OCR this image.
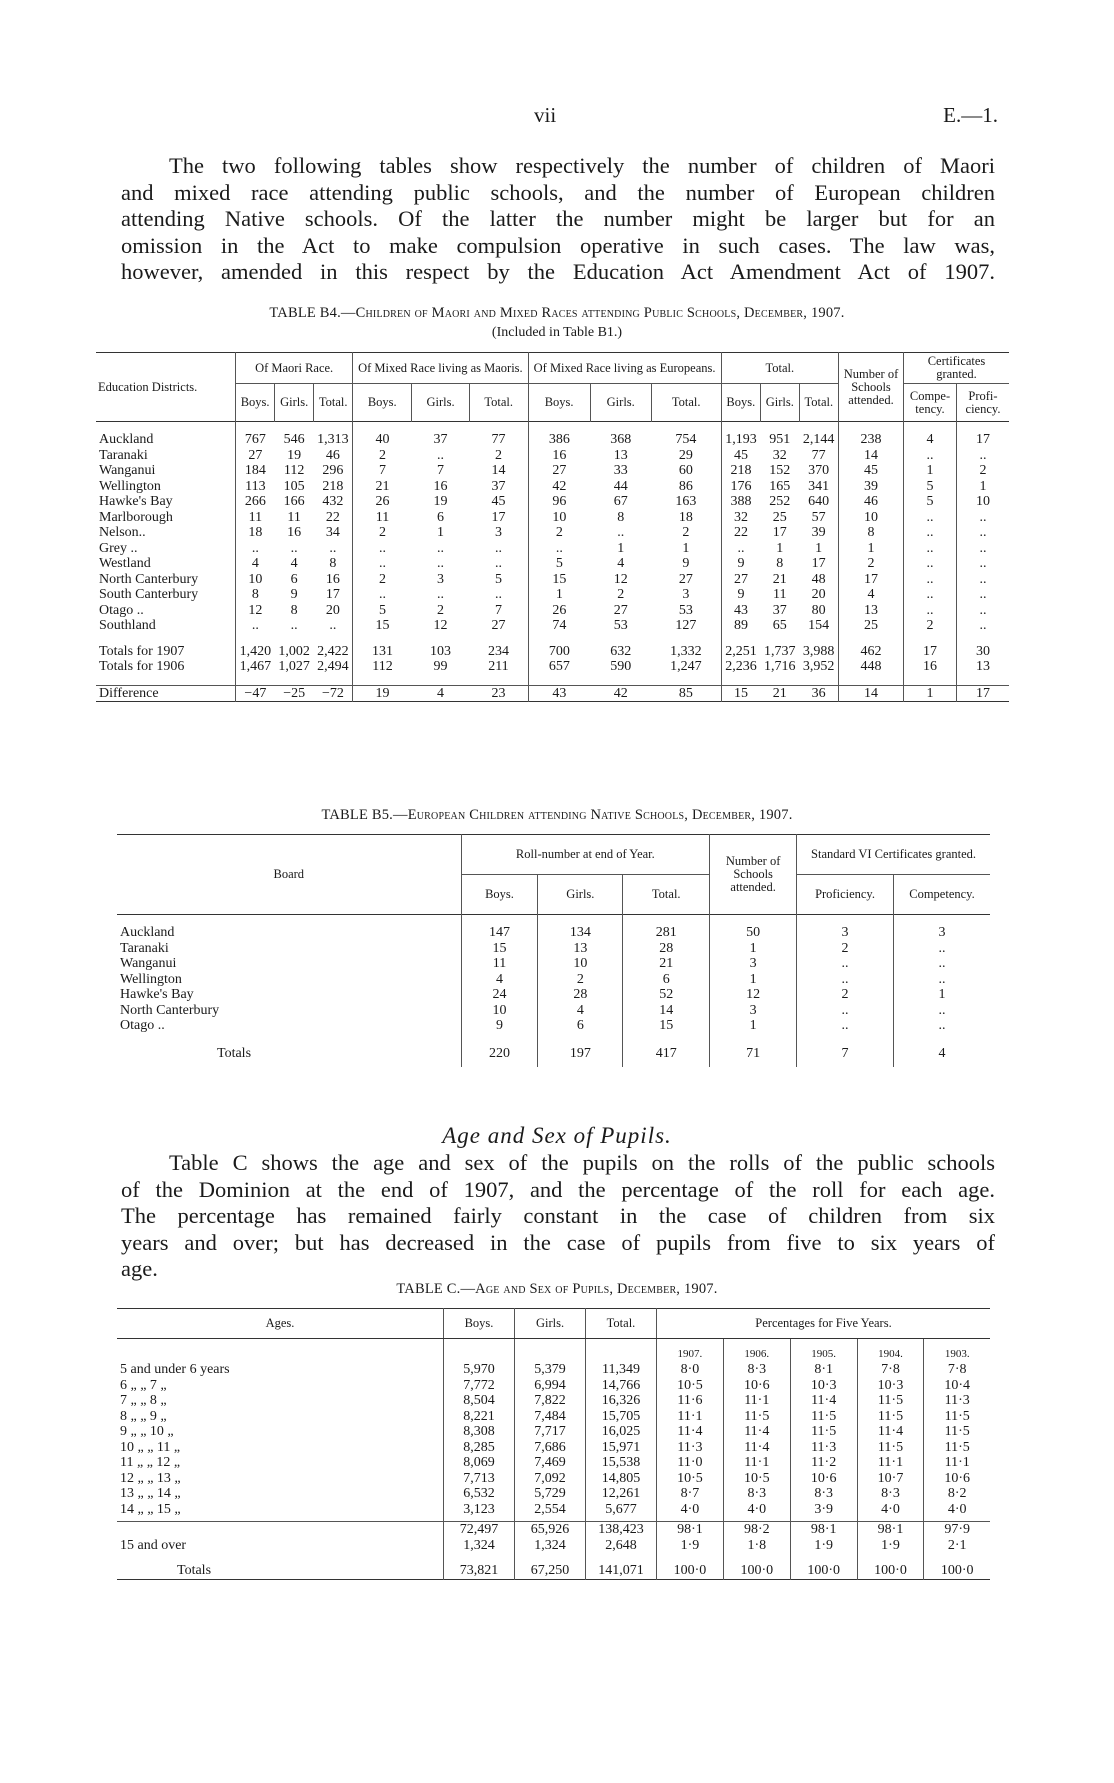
vii	E.—1.

The two following tables show respectively the number of children of Maori
and mixed race attending public schools, and the number of European children
attending Native schools. Of the latter the number might be larger but for an
omission in the Act to make compulsion operative in such cases. The law was,
however, amended in this respect by the Education Act Amendment Act of 1907.

TABLE B4.—Children of Maori and Mixed Races attending Public Schools, December, 1907.
(Included in Table B1.)
Education Districts.	Of Maori Race.			Of Mixed Race living as Maoris.			Of Mixed Race living as Europeans.			Total.			Number of Schools attended.	Certificates granted.	
	Boys.	Girls.	Total.	Boys.	Girls.	Total.	Boys.	Girls.	Total.	Boys.	Girls.	Total.		Compe-tency.	Profi-ciency.

Auckland	767	546	1,313	40	37	77	386	368	754	1,193	951	2,144	238	4	17
Taranaki	27	19	46	2	..	2	16	13	29	45	32	77	14	..	..
Wanganui	184	112	296	7	7	14	27	33	60	218	152	370	45	1	2
Wellington	113	105	218	21	16	37	42	44	86	176	165	341	39	5	1
Hawke's Bay	266	166	432	26	19	45	96	67	163	388	252	640	46	5	10
Marlborough	11	11	22	11	6	17	10	8	18	32	25	57	10	..	..
Nelson..	18	16	34	2	1	3	2	..	2	22	17	39	8	..	..
Grey ..	..	..	..	..	..	..	..	1	1	..	1	1	1	..	..
Westland	4	4	8	..	..	..	5	4	9	9	8	17	2	..	..
North Canterbury	10	6	16	2	3	5	15	12	27	27	21	48	17	..	..
South Canterbury	8	9	17	..	..	..	1	2	3	9	11	20	4	..	..
Otago ..	12	8	20	5	2	7	26	27	53	43	37	80	13	..	..
Southland	..	..	..	15	12	27	74	53	127	89	65	154	25	2	..

Totals for 1907	1,420	1,002	2,422	131	103	234	700	632	1,332	2,251	1,737	3,988	462	17	30
Totals for 1906	1,467	1,027	2,494	112	99	211	657	590	1,247	2,236	1,716	3,952	448	16	13

Difference	−47	−25	−72	19	4	23	43	42	85	15	21	36	14	1	17
TABLE B5.—European Children attending Native Schools, December, 1907.
Board	Roll-number at end of Year.			Number of Schools attended.	Standard VI Certificates granted.	
	Boys.	Girls.	Total.		Proficiency.	Competency.

Auckland	147	134	281	50	3	3
Taranaki	15	13	28	1	2	..
Wanganui	11	10	21	3	..	..
Wellington	4	2	6	1	..	..
Hawke's Bay	24	28	52	12	2	1
North Canterbury	10	4	14	3	..	..
Otago ..	9	6	15	1	..	..

Totals	220	197	417	71	7	4

Age and Sex of Pupils.

Table C shows the age and sex of the pupils on the rolls of the public schools
of the Dominion at the end of 1907, and the percentage of the roll for each age.
The percentage has remained fairly constant in the case of children from six
years and over; but has decreased in the case of pupils from five to six years of
age.

TABLE C.—Age and Sex of Pupils, December, 1907.
Ages.	Boys.	Girls.	Total.	Percentages for Five Years.				

				1907.	1906.	1905.	1904.	1903.
5 and under 6 years	5,970	5,379	11,349	8·0	8·3	8·1	7·8	7·8
6 „ „ 7 „	7,772	6,994	14,766	10·5	10·6	10·3	10·3	10·4
7 „ „ 8 „	8,504	7,822	16,326	11·6	11·1	11·4	11·5	11·3
8 „ „ 9 „	8,221	7,484	15,705	11·1	11·5	11·5	11·5	11·5
9 „ „ 10 „	8,308	7,717	16,025	11·4	11·4	11·5	11·4	11·5
10 „ „ 11 „	8,285	7,686	15,971	11·3	11·4	11·3	11·5	11·5
11 „ „ 12 „	8,069	7,469	15,538	11·0	11·1	11·2	11·1	11·1
12 „ „ 13 „	7,713	7,092	14,805	10·5	10·5	10·6	10·7	10·6
13 „ „ 14 „	6,532	5,729	12,261	8·7	8·3	8·3	8·3	8·2
14 „ „ 15 „	3,123	2,554	5,677	4·0	4·0	3·9	4·0	4·0

	72,497	65,926	138,423	98·1	98·2	98·1	98·1	97·9
15 and over	1,324	1,324	2,648	1·9	1·8	1·9	1·9	2·1

Totals	73,821	67,250	141,071	100·0	100·0	100·0	100·0	100·0
